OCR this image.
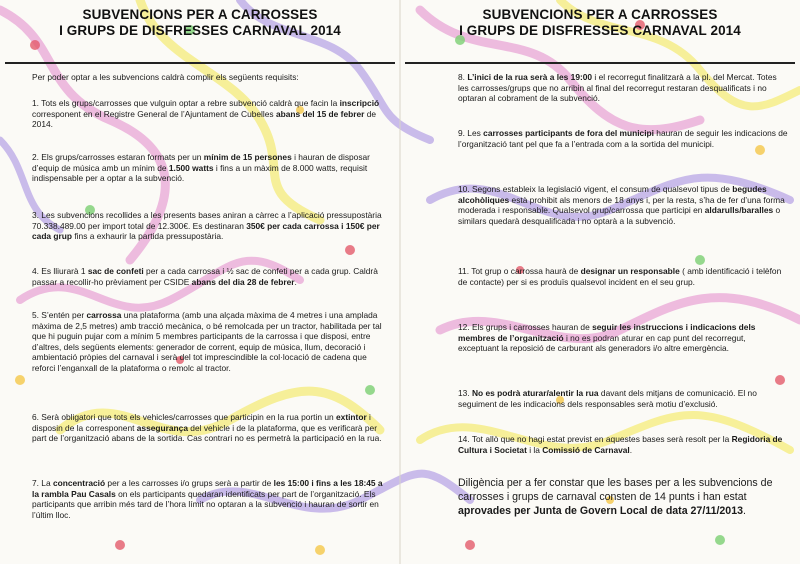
SUBVENCIONS PER A CARROSSES
I GRUPS DE DISFRESSES CARNAVAL 2014
Per poder optar a les subvencions caldrà complir els següents requisits:
1. Tots els grups/carrosses que vulguin optar a rebre subvenció caldrà que facin la inscripció corresponent en el Registre General de l’Ajuntament de Cubelles abans del 15 de febrer de 2014.
2. Els grups/carrosses estaran formats per un mínim de 15 persones i hauran de disposar d’equip de música amb un mínim de 1.500 watts i fins a un màxim de 8.000 watts, requisit indispensable per a optar a la subvenció.
3. Les subvencions recollides a les presents bases aniran a càrrec a l’aplicació pressupostària 70.338.489.00 per import total de 12.300€. Es destinaran 350€ per cada carrossa i 150€ per cada grup fins a exhaurir la partida pressupostària.
4. Es lliurarà 1 sac de confeti per a cada carrossa i ½ sac de confeti per a cada grup. Caldrà passar a recollir-ho prèviament per CSIDE abans del dia 28 de febrer.
5. S’entén per carrossa una plataforma (amb una alçada màxima de 4 metres i una amplada màxima de 2,5 metres) amb tracció mecànica, o bé remolcada per un tractor, habilitada per tal que hi puguin pujar com a mínim 5 membres participants de la carrossa i que disposi, entre d’altres, dels següents elements: generador de corrent, equip de música, llum, decoració i ambientació pròpies del carnaval i serà del tot imprescindible la col·locació de cadena que reforci l’enganxall de la plataforma o remolc al tractor.
6. Serà obligatori que tots els vehicles/carrosses que participin en la rua portin un extintor i disposin de la corresponent assegurança del vehicle i de la plataforma, que es verificarà per part de l’organització abans de la sortida. Cas contrari no es permetrà la participació en la rua.
7. La concentració per a les carrosses i/o grups serà a partir de les 15:00 i fins a les 18:45 a la rambla Pau Casals on els participants quedaran identificats per part de l’organització. Els participants que arribin més tard de l’hora límit no optaran a la subvenció i hauran de sortir en l’últim lloc.
SUBVENCIONS PER A CARROSSES
I GRUPS DE DISFRESSES CARNAVAL 2014
8. L’inici de la rua serà a les 19:00 i el recorregut finalitzarà a la pl. del Mercat. Totes les carrosses/grups que no arribin al final del recorregut restaran desqualificats i no optaran al cobrament de la subvenció.
9. Les carrosses participants de fora del municipi hauran de seguir les indicacions de l’organització tant pel que fa a l’entrada com a la sortida del municipi.
10. Segons estableix la legislació vigent, el consum de qualsevol tipus de begudes alcohòliques està prohibit als menors de 18 anys i, per la resta, s’ha de fer d’una forma moderada i responsable. Qualsevol grup/carrossa que participi en aldarulls/baralles o similars quedarà desqualificada i no optarà a la subvenció.
11. Tot grup o carrossa haurà de designar un responsable ( amb identificació i telèfon de contacte) per si es produïs qualsevol incident en el seu grup.
12. Els grups i carrosses hauran de seguir les instruccions i indicacions dels membres de l’organització i no es podran aturar en cap punt del recorregut, exceptuant la reposició de carburant als generadors i/o altre emergència.
13. No es podrà aturar/alentir la rua davant dels mitjans de comunicació. El no seguiment de les indicacions dels responsables serà motiu d’exclusió.
14. Tot allò que no hagi estat previst en aquestes bases serà resolt per la Regidoria de Cultura i Societat i la Comissió de Carnaval.
Diligència per a fer constar que les bases per a les subvencions de carrosses i grups de carnaval consten de 14 punts i han estat aprovades per Junta de Govern Local de data 27/11/2013.
